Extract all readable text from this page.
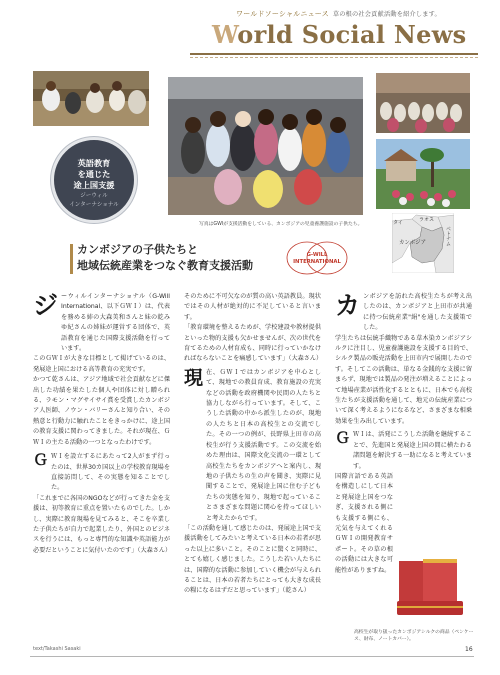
ワールドソーシャルニュース 草の根の社会貢献活動を紹介します。
World Social News
英語教育
を通じた
途上国支援
ジーウィル
インターナショナル
写真はGWIが支援活動をしている、カンボジアの児童養護施設の子供たち。	タイ	ラオス
ベトナム
カンボジア
カンボジアの子供たちと
地域伝統産業をつなぐ教育支援活動
G-WILL
INTERNATIONAL
ジ ーウィルインターナショナル（G-Will International、以下ＧＷＩ）は、代表を務める姉の大森美和さんと妹の乾みゆ紀さんの姉妹が運営する団体で、英語教育を通じた国際支援活動を行っています。

このＧＷＩが大きな目標として掲げているのは、発展途上国における高等教育の充実です。

かつて乾さんは、アジア地域で社会貢献などに傑出した功績を果たした個人や団体に対し贈られる、ラモン・マグサイサイ賞を受賞したカンボジア人医師、ノウン・バリーさんと知り合い、その熱意と行動力に触れたことをきっかけに、途上国の教育支援に関わってきました。それが現在、ＧＷＩの主たる活動の一つとなったわけです。

Ｇ ＷＩを設立するにあたって2人がまず行ったのは、世界30カ国以上の学校教育現場を直接訪問して、その実態を知ることでした。

「これまでに各国のNGOなどが行ってきた金を支援は、初等教育に重点を置いたものでした。しかし、実際に教育現場を見てみると、そこを卒業した子供たちが自力で起業したり、外国とのビジネスを行うには、もっと専門的な知識や英語能力が必要だということに気付いたのです」（大森さん）

そのために不可欠なのが質の高い英語教員。現状ではその人材が絶対的に不足していると言います。

「教育環境を整えるためが、学校建設や教材提供といった物的支援も欠かせませんが、次の世代を育てるための人材育成も、同時に行っていかなければならないことを痛感しています」（大森さん）

現 在、ＧＷＩではカンボジアを中心として、現地での教員育成、教育施設の充実などの活動を政府機関や民間の人たちと協力しながら行っています。そして、こうした活動の中から派生したのが、現地の人たちと日本の高校生との交流でした。その一つの例が、長野県上田市の高校生が行う支援活動です。この交流を始めた理由は、国際文化交流の一環として高校生たちをカンボジアへと案内し、現地の子供たちの生の声を聞き、実際に見聞することで、発展途上国に住む子どもたちの実態を知り、現地で起っていることさまざまな問題に関心を持ってほしいと考えたからです。

「この活動を通して感じたのは、発展途上国で支援活動をしてみたいと考えている日本の若者が思った以上に多いこと。そのことに驚くと同時に、とても嬉しく感じました。こうした若い人たちには、国際的な活動に参加していく機会が与えられることは、日本の若者たちにとっても大きな成長の糧になるはずだと思っています」（乾さん）

カ ンボジアを訪れた高校生たちが考え出したのは、カンボジアと上田市が共通に持つ伝統産業"絹"を通した支援策でした。

学生たちは伝統手織物である草木染カンボジアシルクに注目し、児童養護施設を支援する目的で、シルク製品の販売活動を上田市内で展開したのです。そしてこの活動は、単なる金銭的な支援に留まらず、現地では製品の発注が増えることによって地場産業が活性化するとともに、日本でも高校生たちが支援活動を通して、地元の伝統産業について深く考えるようになるなど、さまざまな相乗効果を生み出しています。

Ｇ ＷＩは、活発にこうした活動を継続することで、先進国と発展途上国の間に横たわる諸問題を解決する一助になると考えています。

国際言語である英語を構造しにして日本と発展途上国をつなぎ、支援される側にも支援する側にも、元気を与えてくれるＧＷＩの開発教育サポート。その草の根の活動には大きな可能性がありますね。

高校生が取り扱ったカンボジアシルクの商品（ペンケース、財布、ノートカバー）。
text/Takashi Sasaki	16
